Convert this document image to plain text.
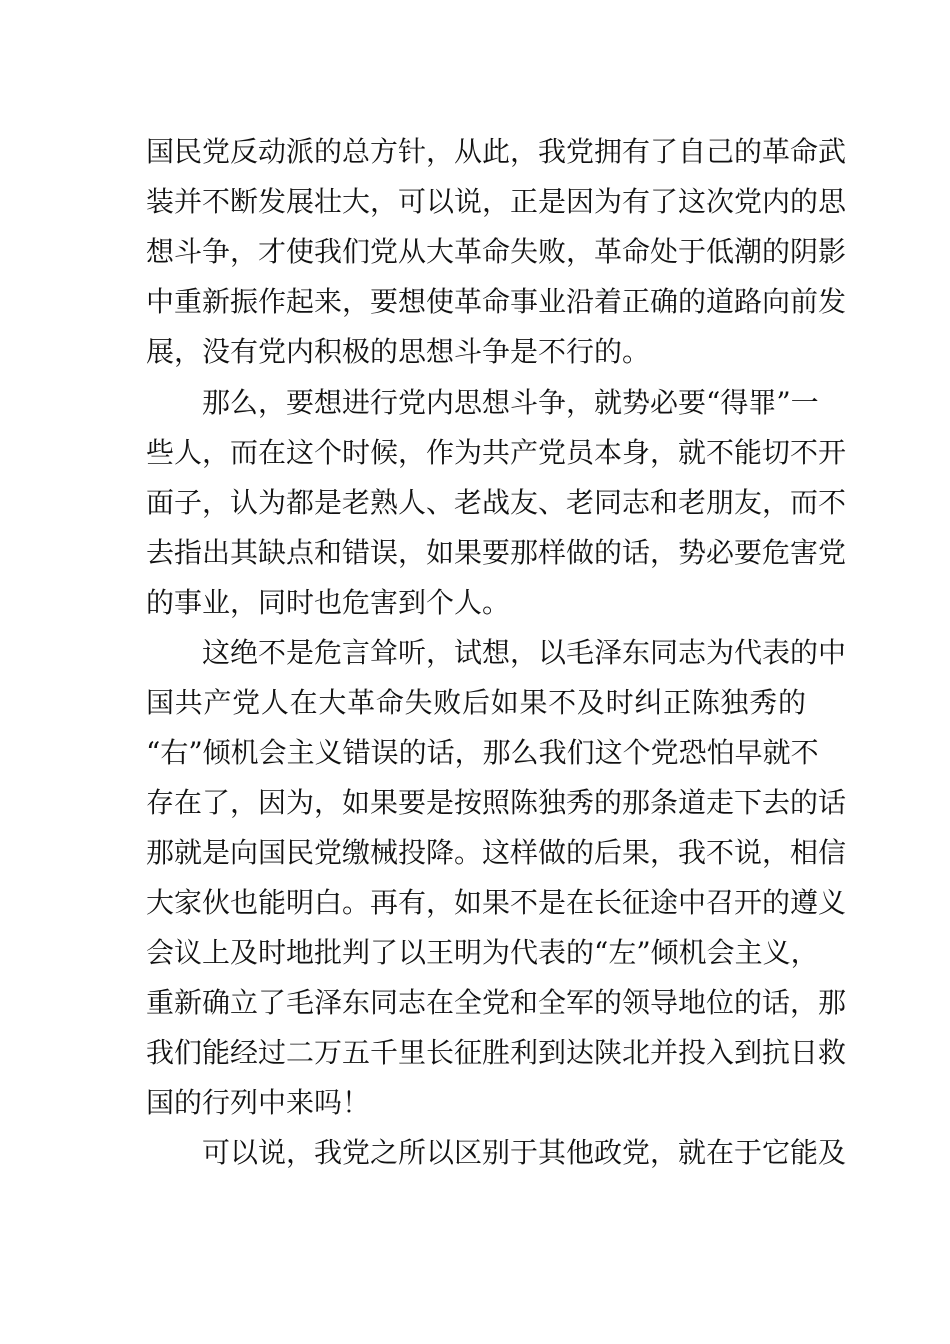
国民党反动派的总方针，从此，我党拥有了自己的革命武
装并不断发展壮大，可以说，正是因为有了这次党内的思
想斗争，才使我们党从大革命失败，革命处于低潮的阴影
中重新振作起来，要想使革命事业沿着正确的道路向前发
展，没有党内积极的思想斗争是不行的。
那么，要想进行党内思想斗争，就势必要“得罪”一
些人，而在这个时候，作为共产党员本身，就不能切不开
面子，认为都是老熟人、老战友、老同志和老朋友，而不
去指出其缺点和错误，如果要那样做的话，势必要危害党
的事业，同时也危害到个人。
这绝不是危言耸听，试想，以毛泽东同志为代表的中
国共产党人在大革命失败后如果不及时纠正陈独秀的
“右”倾机会主义错误的话，那么我们这个党恐怕早就不
存在了，因为，如果要是按照陈独秀的那条道走下去的话
那就是向国民党缴械投降。这样做的后果，我不说，相信
大家伙也能明白。再有，如果不是在长征途中召开的遵义
会议上及时地批判了以王明为代表的“左”倾机会主义，
重新确立了毛泽东同志在全党和全军的领导地位的话，那
我们能经过二万五千里长征胜利到达陕北并投入到抗日救
国的行列中来吗！
可以说，我党之所以区别于其他政党，就在于它能及
